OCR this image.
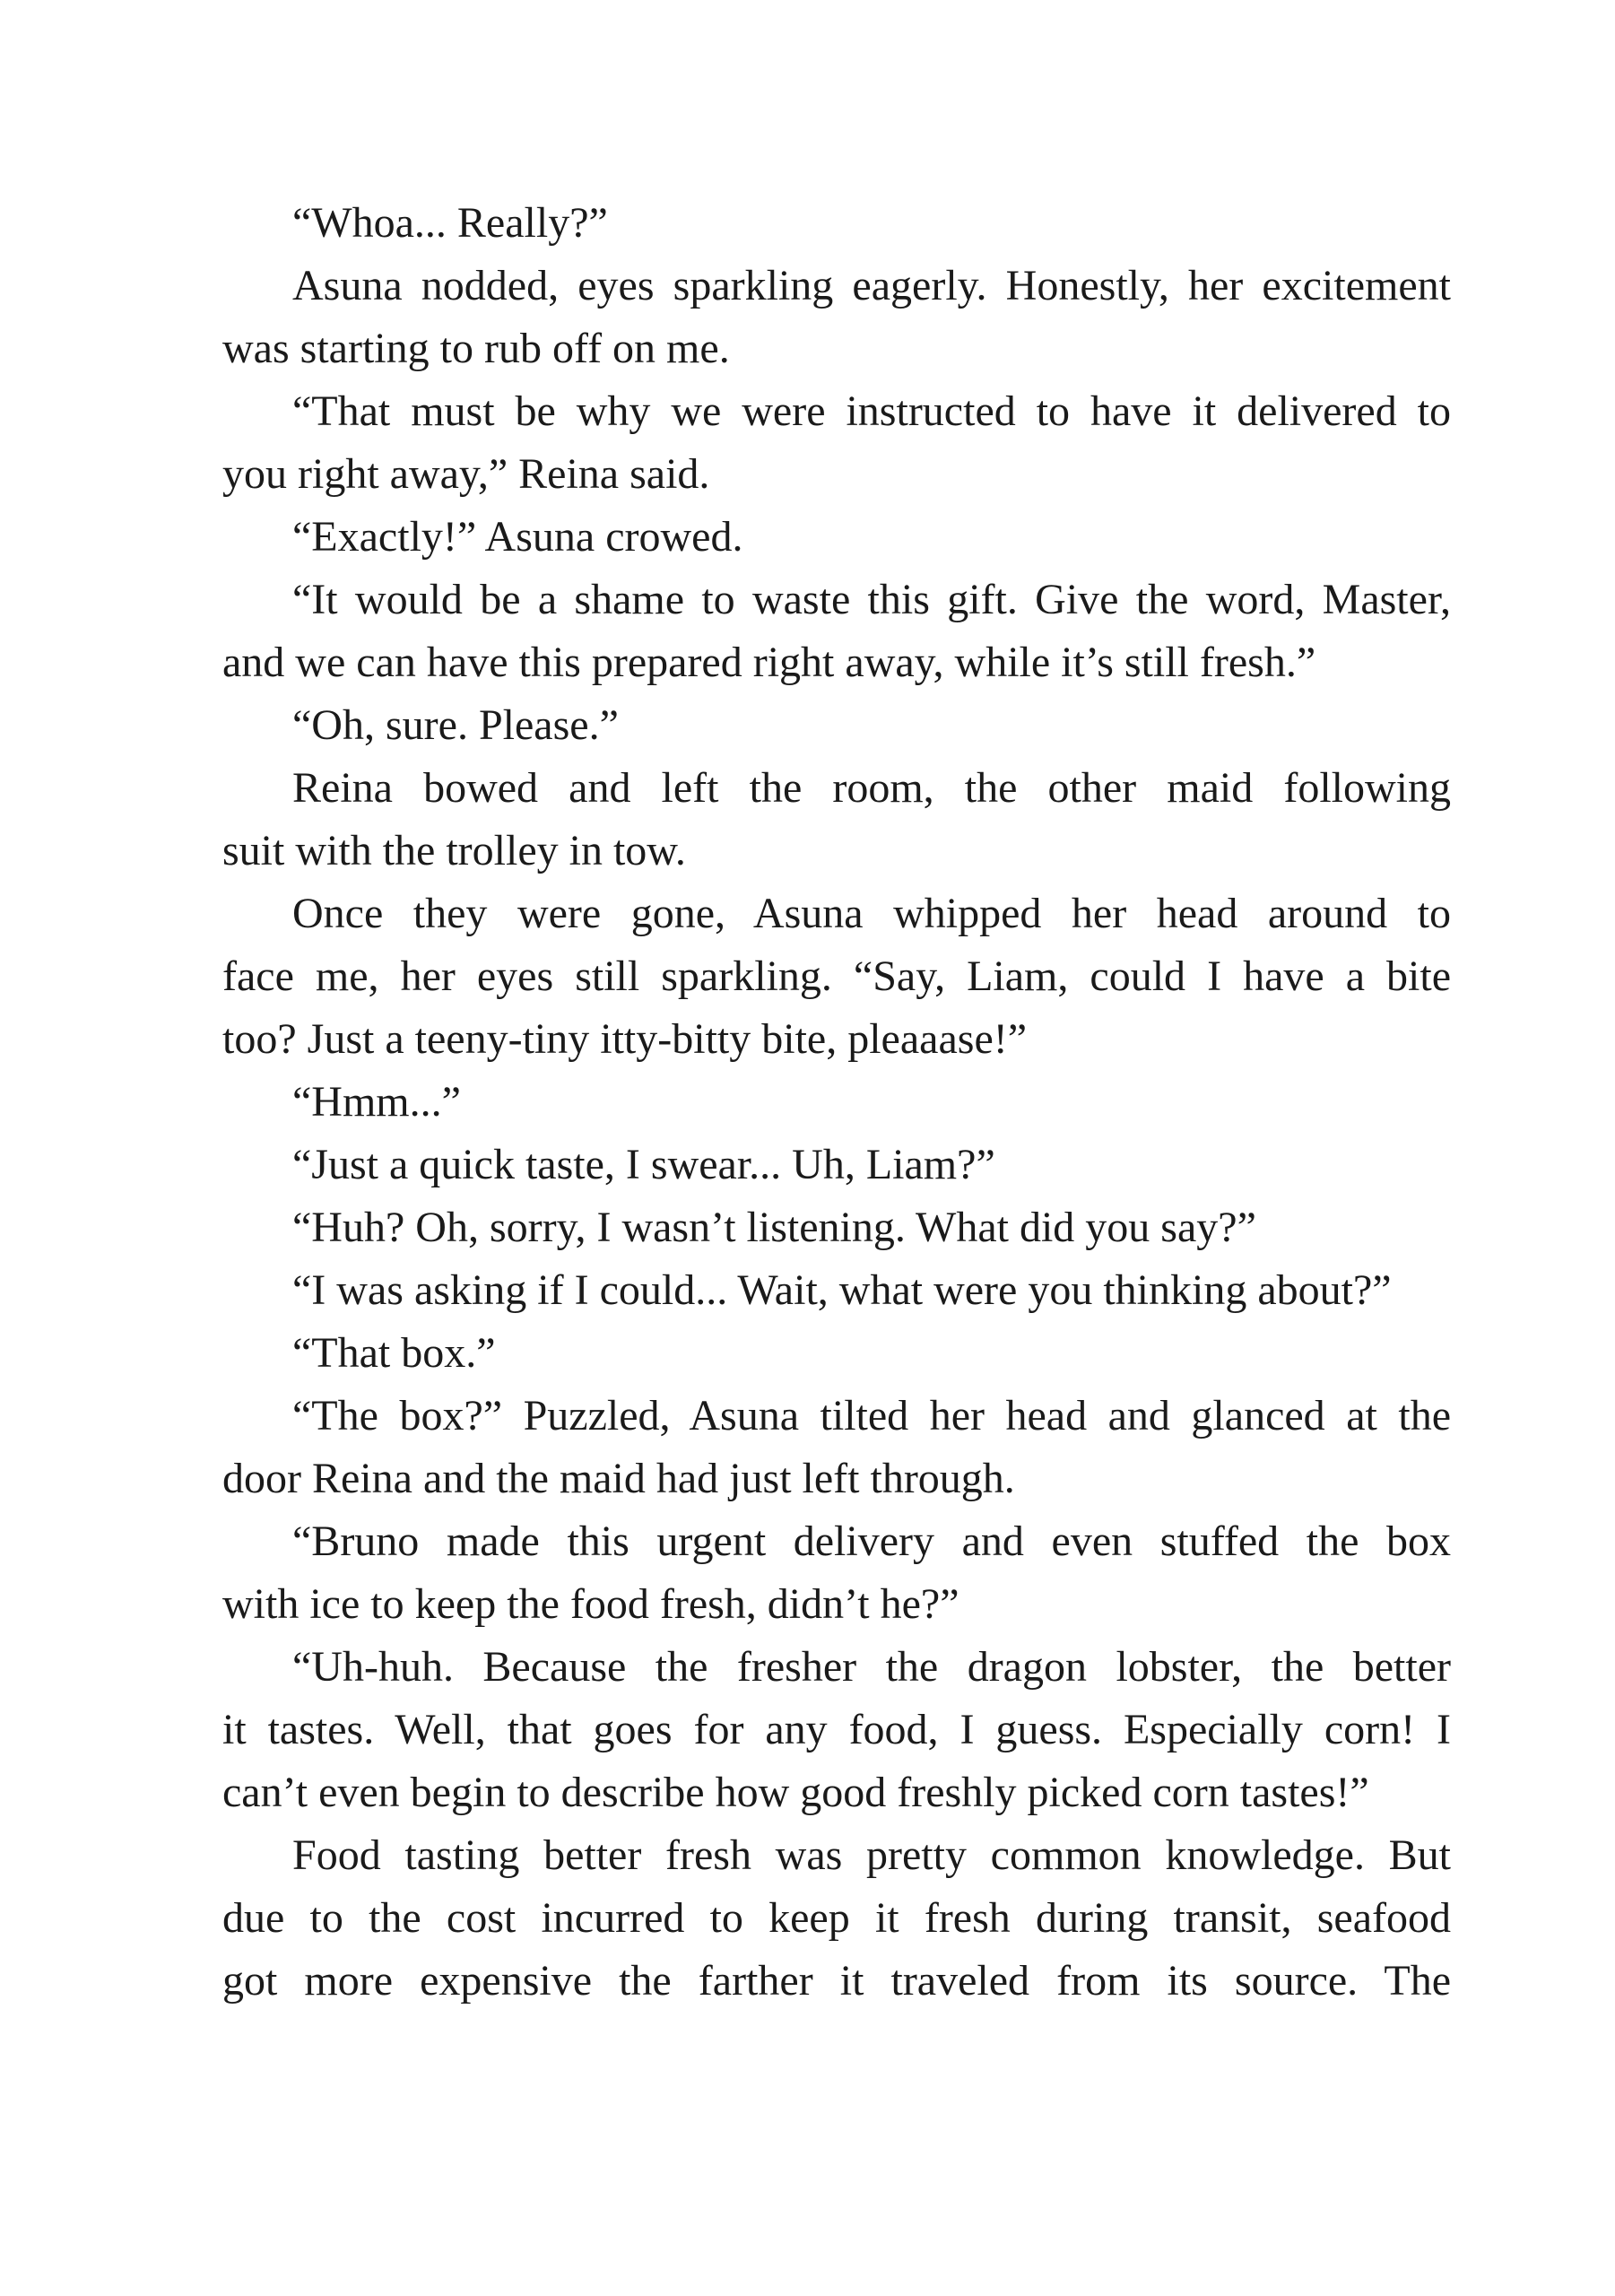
“Whoa... Really?”
Asuna nodded, eyes sparkling eagerly. Honestly, her excitement
was starting to rub off on me.
“That must be why we were instructed to have it delivered to
you right away,” Reina said.
“Exactly!” Asuna crowed.
“It would be a shame to waste this gift. Give the word, Master,
and we can have this prepared right away, while it’s still fresh.”
“Oh, sure. Please.”
Reina bowed and left the room, the other maid following
suit with the trolley in tow.
Once they were gone, Asuna whipped her head around to
face me, her eyes still sparkling. “Say, Liam, could I have a bite
too? Just a teeny-tiny itty-bitty bite, pleaaase!”
“Hmm...”
“Just a quick taste, I swear... Uh, Liam?”
“Huh? Oh, sorry, I wasn’t listening. What did you say?”
“I was asking if I could... Wait, what were you thinking about?”
“That box.”
“The box?” Puzzled, Asuna tilted her head and glanced at the
door Reina and the maid had just left through.
“Bruno made this urgent delivery and even stuffed the box
with ice to keep the food fresh, didn’t he?”
“Uh-huh. Because the fresher the dragon lobster, the better
it tastes. Well, that goes for any food, I guess. Especially corn! I
can’t even begin to describe how good freshly picked corn tastes!”
Food tasting better fresh was pretty common knowledge. But
due to the cost incurred to keep it fresh during transit, seafood
got more expensive the farther it traveled from its source. The
